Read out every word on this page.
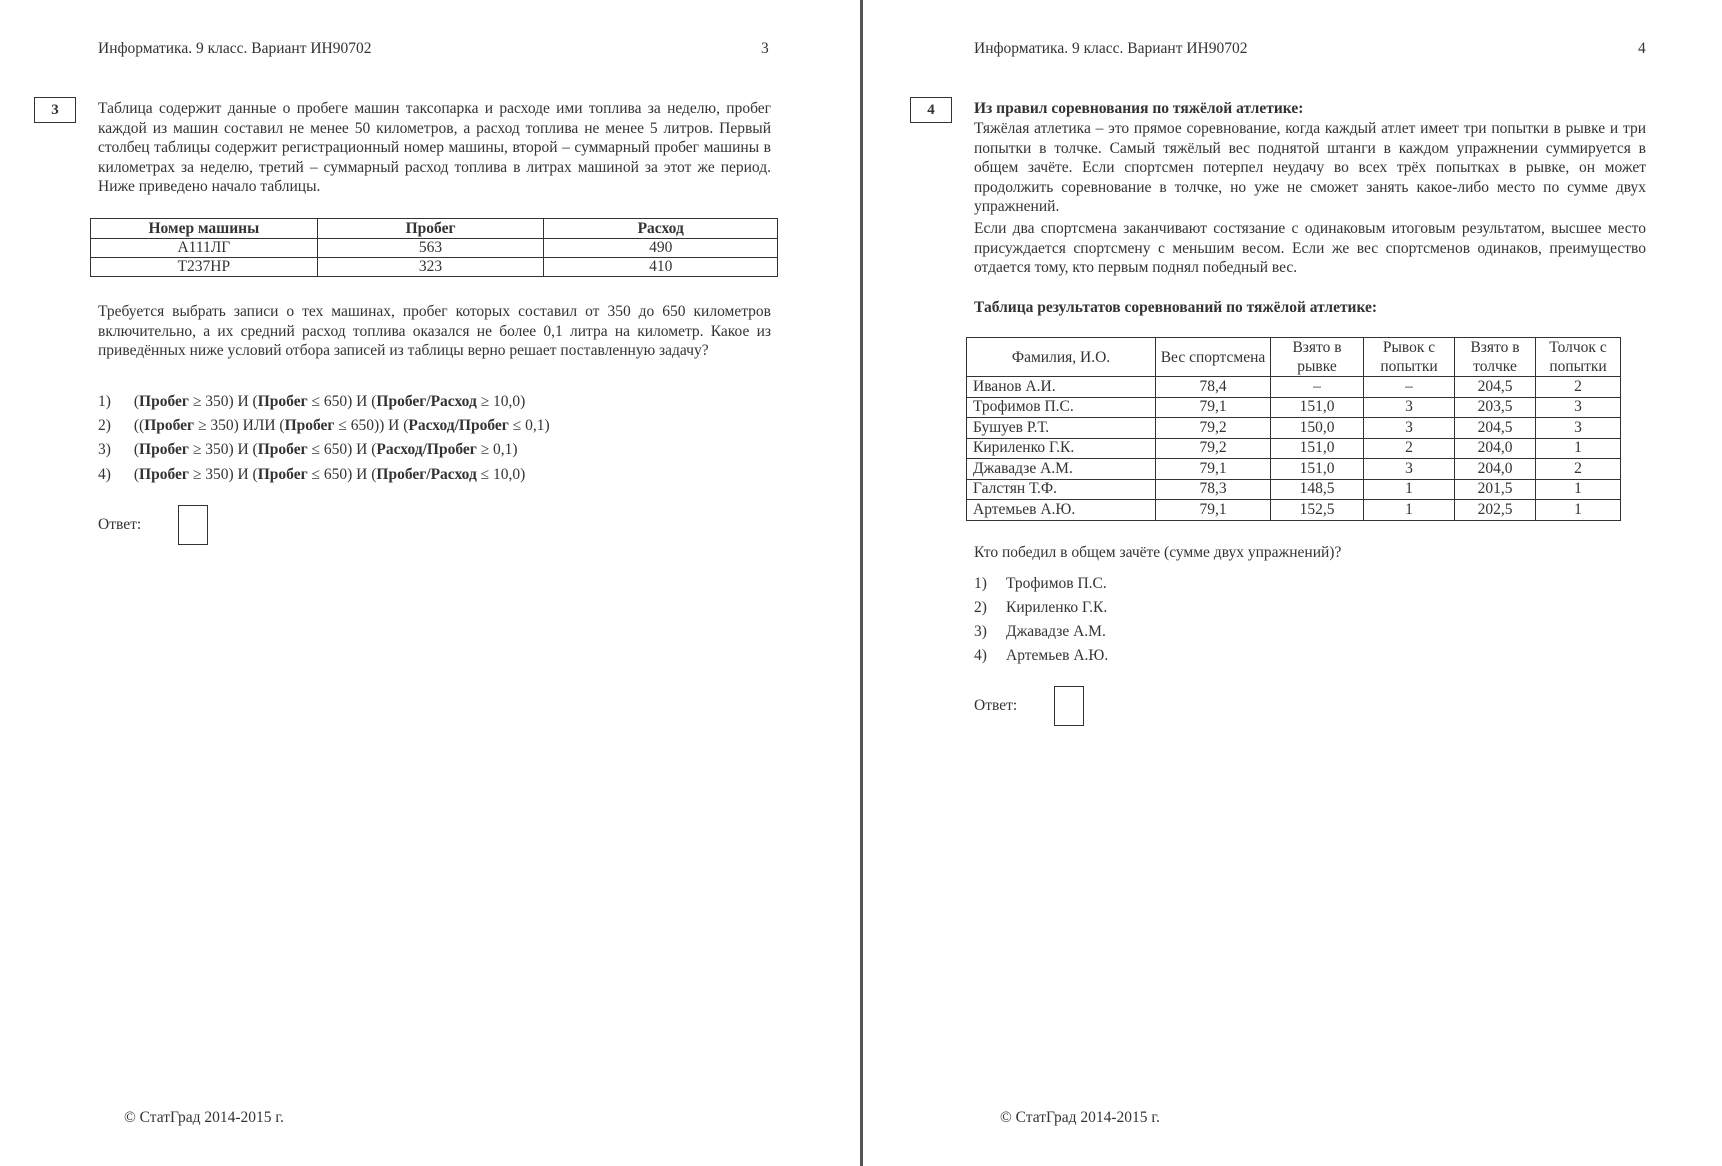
Информатика. 9 класс. Вариант ИН90702	3
3	Таблица содержит данные о пробеге машин таксопарка и расходе ими топлива за неделю, пробег каждой из машин составил не менее 50 километров, а расход топлива не менее 5 литров. Первый столбец таблицы содержит регистрационный номер машины, второй – суммарный пробег машины в километрах за неделю, третий – суммарный расход топлива в литрах машиной за этот же период. Ниже приведено начало таблицы.

Номер машины	Пробег	Расход
А111ЛГ	563	490
Т237НР	323	410

Требуется выбрать записи о тех машинах, пробег которых составил от 350 до 650 километров включительно, а их средний расход топлива оказался не более 0,1 литра на километр. Какое из приведённых ниже условий отбора записей из таблицы верно решает поставленную задачу?

1) (Пробег ≥ 350) И (Пробег ≤ 650) И (Пробег/Расход ≥ 10,0)
2) ((Пробег ≥ 350) ИЛИ (Пробег ≤ 650)) И (Расход/Пробег ≤ 0,1)
3) (Пробег ≥ 350) И (Пробег ≤ 650) И (Расход/Пробег ≥ 0,1)
4) (Пробег ≥ 350) И (Пробег ≤ 650) И (Пробег/Расход ≤ 10,0)
Ответ:
© СтатГрад 2014-2015 г.
Информатика. 9 класс. Вариант ИН90702	4
4	Из правил соревнования по тяжёлой атлетике:

Тяжёлая атлетика – это прямое соревнование, когда каждый атлет имеет три попытки в рывке и три попытки в толчке. Самый тяжёлый вес поднятой штанги в каждом упражнении суммируется в общем зачёте. Если спортсмен потерпел неудачу во всех трёх попытках в рывке, он может продолжить соревнование в толчке, но уже не сможет занять какое-либо место по сумме двух упражнений.

Если два спортсмена заканчивают состязание с одинаковым итоговым результатом, высшее место присуждается спортсмену с меньшим весом. Если же вес спортсменов одинаков, преимущество отдается тому, кто первым поднял победный вес.

Таблица результатов соревнований по тяжёлой атлетике:
Фамилия, И.О.	Вес спортсмена	Взято в рывке	Рывок с попытки	Взято в толчке	Толчок с попытки
Иванов А.И.	78,4	–	–	204,5	2
Трофимов П.С.	79,1	151,0	3	203,5	3
Бушуев Р.Т.	79,2	150,0	3	204,5	3
Кириленко Г.К.	79,2	151,0	2	204,0	1
Джавадзе А.М.	79,1	151,0	3	204,0	2
Галстян Т.Ф.	78,3	148,5	1	201,5	1
Артемьев А.Ю.	79,1	152,5	1	202,5	1
Кто победил в общем зачёте (сумме двух упражнений)?
1) Трофимов П.С.
2) Кириленко Г.К.
3) Джавадзе А.М.
4) Артемьев А.Ю.
Ответ:
© СтатГрад 2014-2015 г.
